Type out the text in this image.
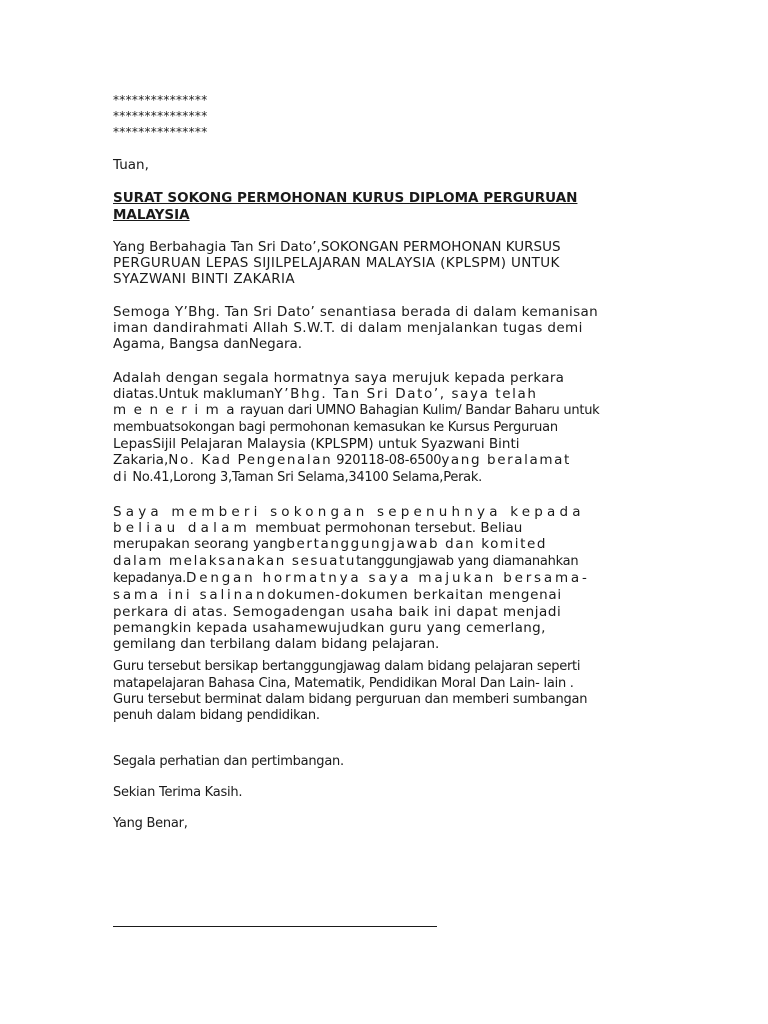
***************
***************
***************

Tuan,

SURAT SOKONG PERMOHONAN KURUS DIPLOMA PERGURUAN

MALAYSIA

Yang Berbahagia Tan Sri Dato’,SOKONGAN PERMOHONAN KURSUS

PERGURUAN LEPAS SIJILPELAJARAN MALAYSIA (KPLSPM) UNTUK

SYAZWANI BINTI ZAKARIA

Semoga Y’Bhg. Tan Sri Dato’ senantiasa berada di dalam kemanisan

iman dandirahmati Allah S.W.T. di dalam menjalankan tugas demi

Agama, Bangsa danNegara.

Adalah dengan segala hormatnya saya merujuk kepada perkara

diatas.Untuk maklumanY’Bhg. Tan Sri Dato’, saya telah

m e n e r i m a rayuan dari UMNO Bahagian Kulim/ Bandar Baharu untuk

membuatsokongan bagi permohonan kemasukan ke Kursus Perguruan

LepasSijil Pelajaran Malaysia (KPLSPM) untuk Syazwani Binti

Zakaria,No. Kad Pengenalan 920118-08-6500yang beralamat

di No.41,Lorong 3,Taman Sri Selama,34100 Selama,Perak.

Saya memberi sokongan sepenuhnya kepada

beliau dalam membuat permohonan tersebut. Beliau

merupakan seorang yangbertanggungjawab dan komited

dalam melaksanakan sesuatutanggungjawab yang diamanahkan

kepadanya.Dengan hormatnya saya majukan bersama-

sama ini salinandokumen-dokumen berkaitan mengenai

perkara di atas. Semogadengan usaha baik ini dapat menjadi

pemangkin kepada usahamewujudkan guru yang cemerlang,

gemilang dan terbilang dalam bidang pelajaran.

Guru tersebut bersikap bertanggungjawag dalam bidang pelajaran seperti

matapelajaran Bahasa Cina, Matematik, Pendidikan Moral Dan Lain- lain .

Guru tersebut berminat dalam bidang perguruan dan memberi sumbangan

penuh dalam bidang pendidikan.

Segala perhatian dan pertimbangan.

Sekian Terima Kasih.

Yang Benar,
